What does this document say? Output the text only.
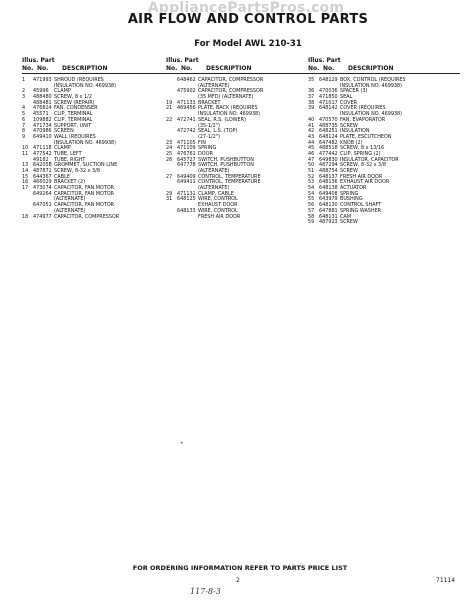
AppliancePartsPros.com
AIR FLOW AND CONTROL PARTS
For Model AWL 210-31
Illus. Part
No. No. DESCRIPTION
1	471993 SHROUD (REQUIRES
INSULATION NO. 469938)
2	45996 CLAMP
3	488480 SCREW, 8 x 1/2
488481 SCREW (REPAIR)
4	476824 FAN, CONDENSER
5	45571 CLIP, TERMINAL
6	109882 CLIP, TERMINAL
7	471734 SUPPORT, UNIT
8	470986 SCREEN
9	649410 WALL (REQUIRES
INSULATION NO. 469938)
10 471118 CLAMP
11 477542 TUBE, LEFT
49182 TUBE, RIGHT
13 64205B GROMMET, SUCTION LINE
14 487871 SCREW, 8-32 x 3/8
15 644367 CABLE
16 466029 BRACKET (2)
17 473074 CAPACITOR, FAN MOTOR
649264 CAPACITOR, FAN MOTOR
(ALTERNATE)
647051 CAPACITOR, FAN MOTOR
(ALTERNATE)
18 474977 CAPACITOR, COMPRESSOR
Illus. Part
No. No. DESCRIPTION
648462 CAPACITOR, COMPRESSOR
(ALTERNATE)
475902 CAPACITOR, COMPRESSOR
(35 MFD) (ALTERNATE)
19 471133 BRACKET
21 469456 PLATE, BACK (REQUIRES
INSULATION NO. 469938)
22 472741 SEAL, R.S. (LOWER)
(35-1/2")
472742 SEAL, L.S. (TOP)
(27-1/2")
23 471105 FIN
24 471109 SPRING
25 476761 DOOR
26 645727 SWITCH, PUSHBUTTON
647778 SWITCH, PUSHBUTTON
(ALTERNATE)
27 649409 CONTROL, TEMPERATURE
649411 CONTROL, TEMPERATURE
(ALTERNATE)
29 471131 CLAMP, CABLE
31 648125 WIRE, CONTROL
EXHAUST DOOR
648133 WIRE, CONTROL
FRESH AIR DOOR
Illus. Part
No. No. DESCRIPTION
35 648129 BOX, CONTROL (REQUIRES
INSULATION NO. 469938)
36 470036 SPACER (3)
37 471850 SEAL
38 471017 COVER
39 648142 COVER (REQUIRES
INSULATION NO. 469938)
40 470570 FAN, EVAPORATOR
41 488735 SCREW
42 648251 INSULATION
43 648124 PLATE, ESCUTCHEON
44 647482 KNOB (2)
45 488518 SCREW, 8 x 13/16
46 477442 CLIP, SPRING (2)
47 649830 INSULATOR, CAPACITOR
50 487294 SCREW, 8-32 x 3/8
51 488754 SCREW
52 648137 FRESH AIR DOOR
53 648136 EXHAUST AIR DOOR
54 648138 ACTUATOR
54 649408 SPRING
55 643979 BUSHING
56 648130 CONTROL SHAFT
57 647881 SPRING WASHER
58 648131 CAM
59 487923 SCREW
•
FOR ORDERING INFORMATION REFER TO PARTS PRICE LIST
2	71114
117-8-3
